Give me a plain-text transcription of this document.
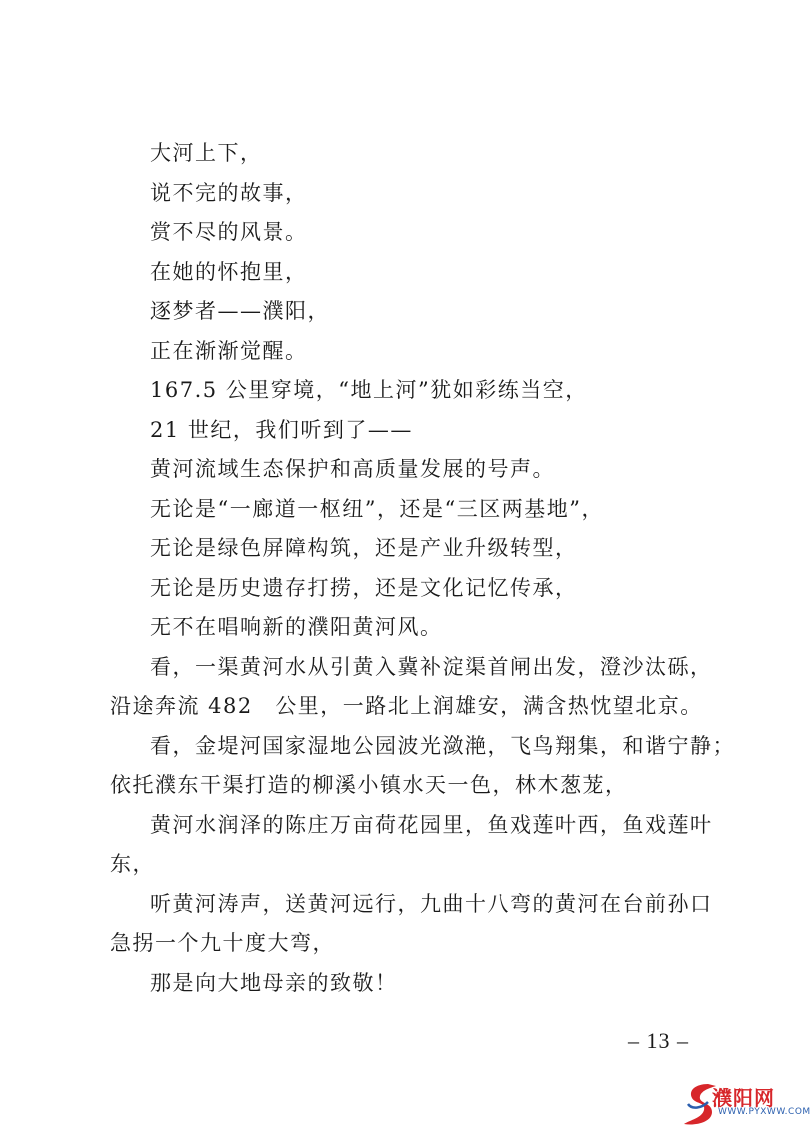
大河上下，
说不完的故事，
赏不尽的风景。
在她的怀抱里，
逐梦者——濮阳，
正在渐渐觉醒。
167.5 公里穿境，“地上河”犹如彩练当空，
21 世纪，我们听到了——
黄河流域生态保护和高质量发展的号声。
无论是“一廊道一枢纽”，还是“三区两基地”，
无论是绿色屏障构筑，还是产业升级转型，
无论是历史遗存打捞，还是文化记忆传承，
无不在唱响新的濮阳黄河风。
看，一渠黄河水从引黄入冀补淀渠首闸出发，澄沙汰砾，
沿途奔流 482　公里，一路北上润雄安，满含热忱望北京。
看，金堤河国家湿地公园波光潋滟，飞鸟翔集，和谐宁静；
依托濮东干渠打造的柳溪小镇水天一色，林木葱茏，
黄河水润泽的陈庄万亩荷花园里，鱼戏莲叶西，鱼戏莲叶
东，
听黄河涛声，送黄河远行，九曲十八弯的黄河在台前孙口
急拐一个九十度大弯，
那是向大地母亲的致敬！
– 13 –
濮阳网
WWW.PYXWW.COM
